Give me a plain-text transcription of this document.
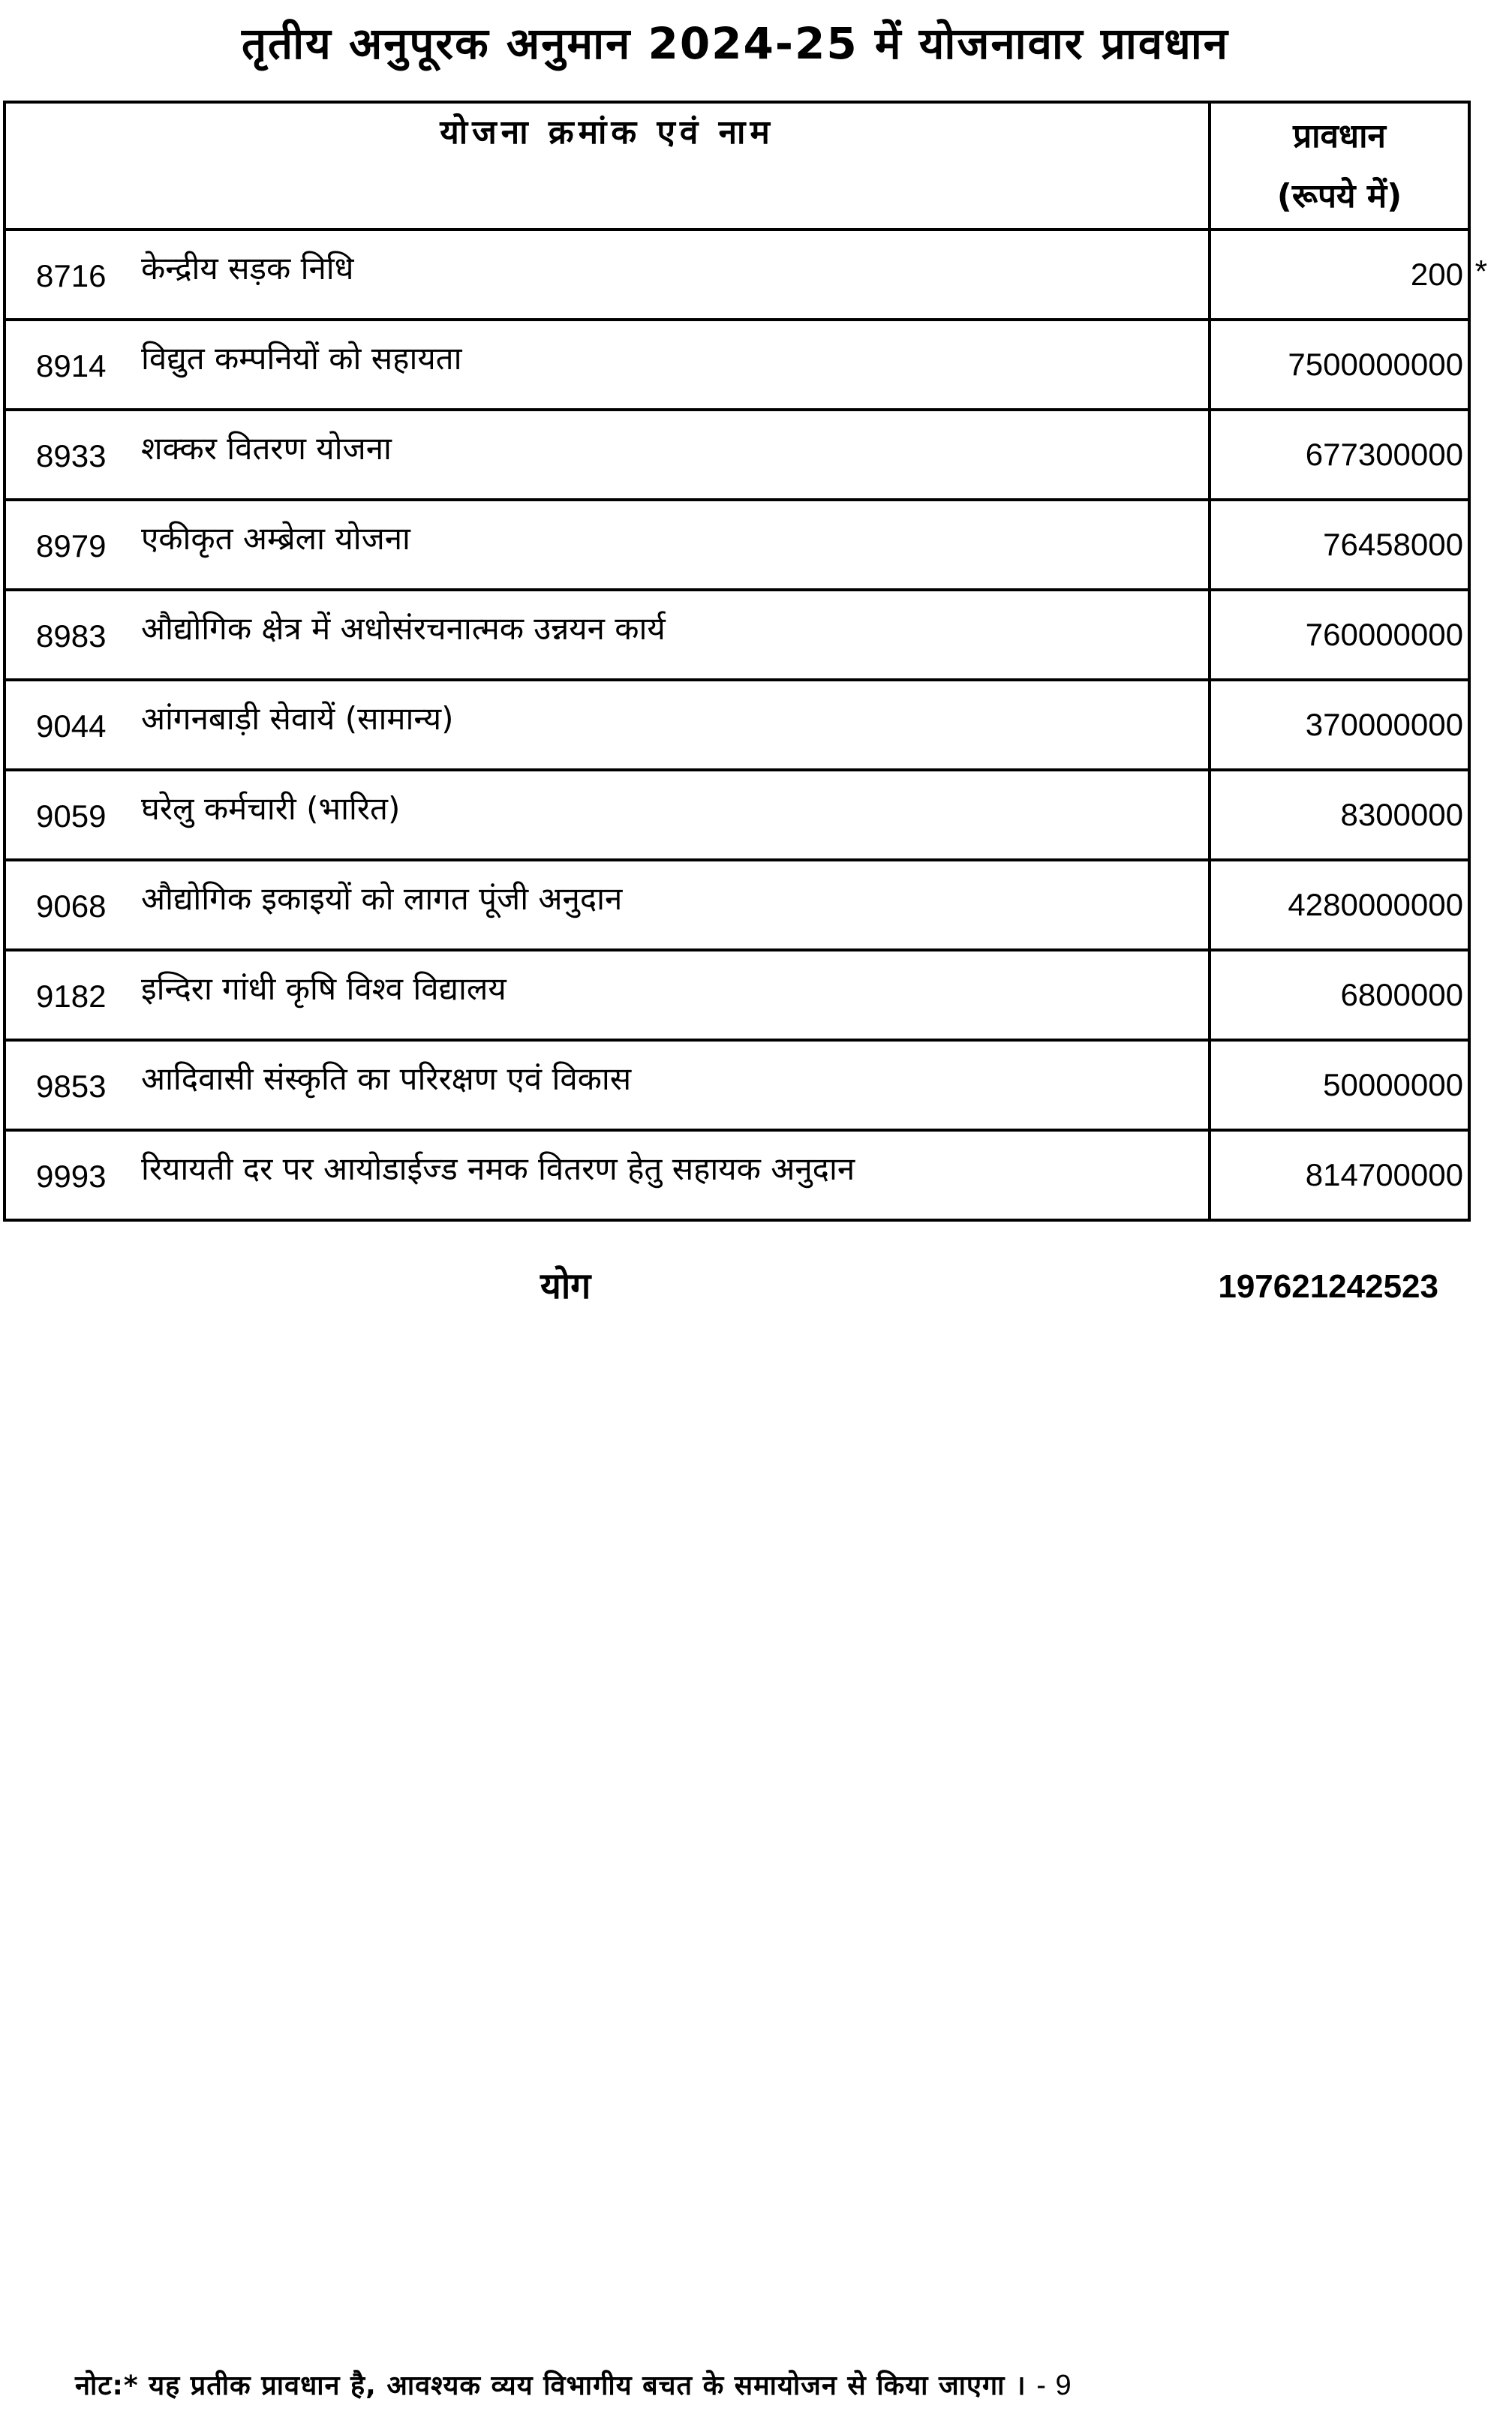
तृतीय अनुपूरक अनुमान 2024-25 में योजनावार प्रावधान
योजना क्रमांक एवं नाम	प्रावधान
(रूपये में)

8716 केन्द्रीय सड़क निधि	200 *

8914 विद्युत कम्पनियों को सहायता	7500000000
8933 शक्कर वितरण योजना	677300000
8979 एकीकृत अम्ब्रेला योजना	76458000
8983 औद्योगिक क्षेत्र में अधोसंरचनात्मक उन्नयन कार्य	760000000
9044 आंगनबाड़ी सेवायें (सामान्य)	370000000
9059 घरेलु कर्मचारी (भारित)	8300000
9068 औद्योगिक इकाइयों को लागत पूंजी अनुदान	4280000000
9182 इन्दिरा गांधी कृषि विश्व विद्यालय	6800000
9853 आदिवासी संस्कृति का परिरक्षण एवं विकास	50000000
9993 रियायती दर पर आयोडाईज्ड नमक वितरण हेतु सहायक अनुदान	814700000
योग	197621242523
नोट:* यह प्रतीक प्रावधान है, आवश्यक व्यय विभागीय बचत के समायोजन से किया जाएगा । - 9
